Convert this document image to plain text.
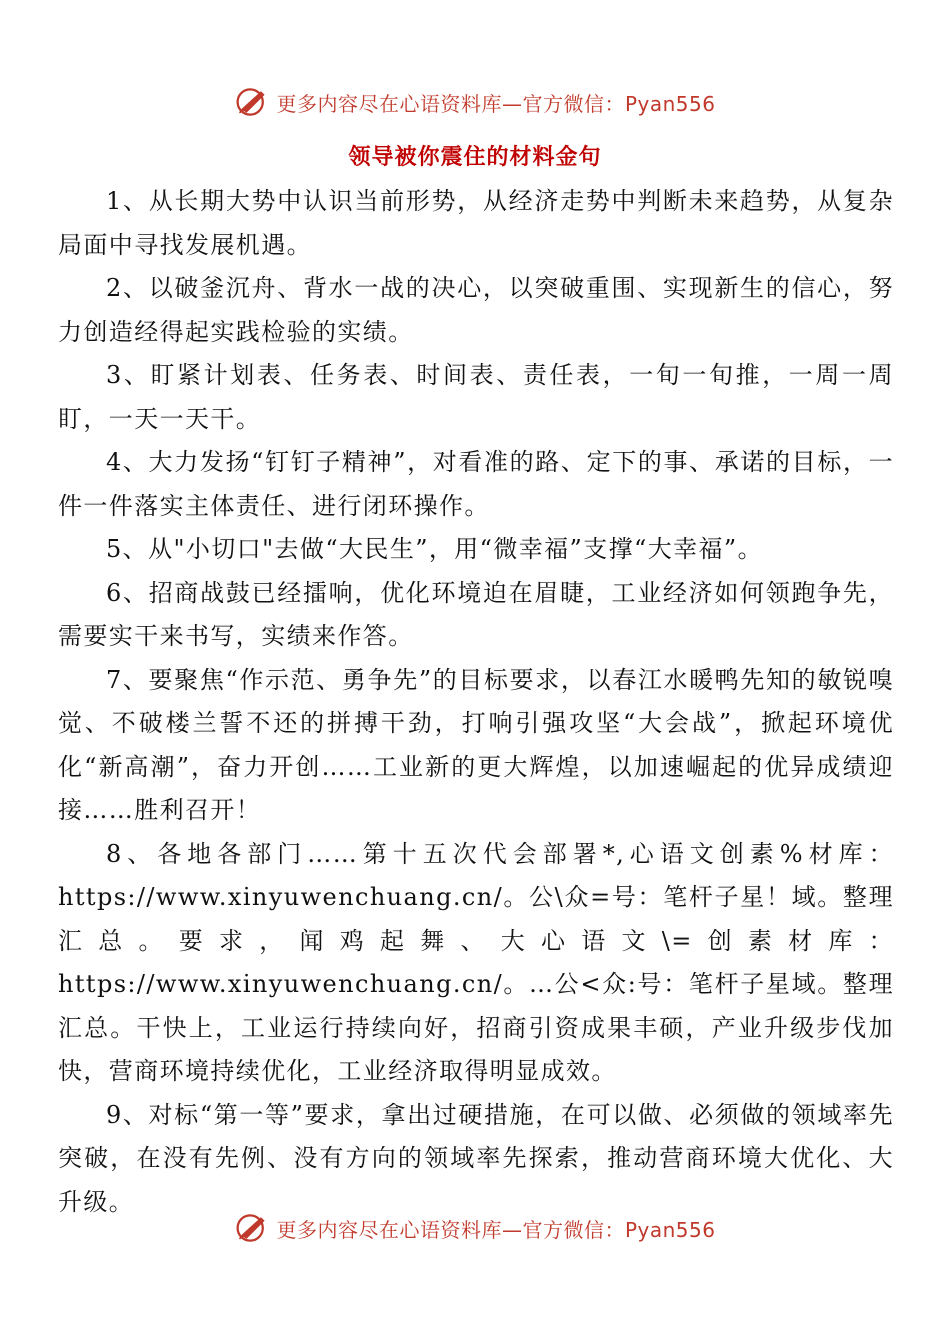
更多内容尽在心语资料库—官方微信：Pyan556
领导被你震住的材料金句

1、从长期大势中认识当前形势，从经济走势中判断未来趋势，从复杂局面中寻找发展机遇。

2、以破釜沉舟、背水一战的决心，以突破重围、实现新生的信心，努力创造经得起实践检验的实绩。

3、盯紧计划表、任务表、时间表、责任表，一旬一旬推，一周一周盯，一天一天干。

4、大力发扬“钉钉子精神”，对看准的路、定下的事、承诺的目标，一件一件落实主体责任、进行闭环操作。

5、从"小切口"去做“大民生”，用“微幸福”支撑“大幸福”。

6、招商战鼓已经擂响，优化环境迫在眉睫，工业经济如何领跑争先，需要实干来书写，实绩来作答。

7、要聚焦“作示范、勇争先”的目标要求，以春江水暖鸭先知的敏锐嗅觉、不破楼兰誓不还的拼搏干劲，打响引强攻坚“大会战”，掀起环境优化“新高潮”，奋力开创……工业新的更大辉煌，以加速崛起的优异成绩迎接……胜利召开！

8、各地各部门……第十五次代会部署*,心语文创素%材库：https://www.xinyuwenchuang.cn/。公\众=号：笔杆子星！域。整理汇总。要求，闻鸡起舞、大心语文\=创素材库：https://www.xinyuwenchuang.cn/。…公<众:号：笔杆子星域。整理汇总。干快上，工业运行持续向好，招商引资成果丰硕，产业升级步伐加快，营商环境持续优化，工业经济取得明显成效。

9、对标“第一等”要求，拿出过硬措施，在可以做、必须做的领域率先突破，在没有先例、没有方向的领域率先探索，推动营商环境大优化、大升级。

更多内容尽在心语资料库—官方微信：Pyan556
